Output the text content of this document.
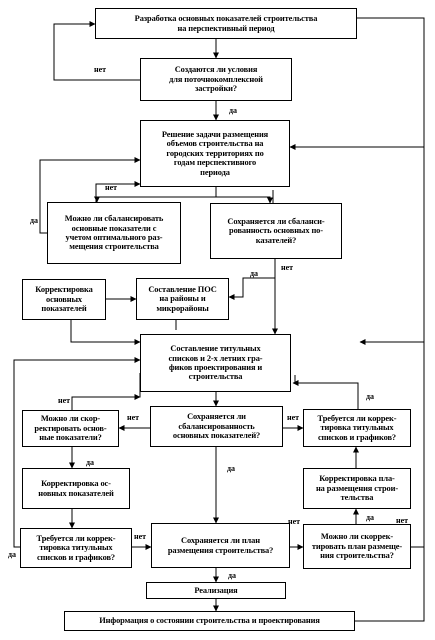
Разработка основных показателей строительства
на перспективный период
Создаются ли условия
для поточнокомплексной
застройки?
Решение задачи размещения
объемов строительства на
городских территориях по
годам перспективного
периода
Можно ли сбалансировать
основные показатели с
учетом оптимального раз-
мещения строительства
Сохраняется ли сбаланси-
рованность основных по-
казателей?
Корректировка
основных
показателей
Составление ПОС
на районы и
микрорайоны
Составление титульных
списков и 2-х летних гра-
фиков проектирования и
строительства
Можно ли скор-
ректировать основ-
ные показатели?
Сохраняется ли
сбалансированность
основных показателей?
Требуется ли коррек-
тировка титульных
списков и графиков?
Корректировка ос-
новных показателей
Корректировка пла-
на размещения строи-
тельства
Требуется ли коррек-
тировка титульных
списков и графиков?
Сохраняется ли план
размещения строительства?
Можно ли скоррек-
тировать план размеще-
ния строительства?
Реализация
Информация о состоянии строительства и проектирования
нет
да
нет
да
да
нет
нет
нет	нет
да
да
да
нет
да
нет	да	нет
да
